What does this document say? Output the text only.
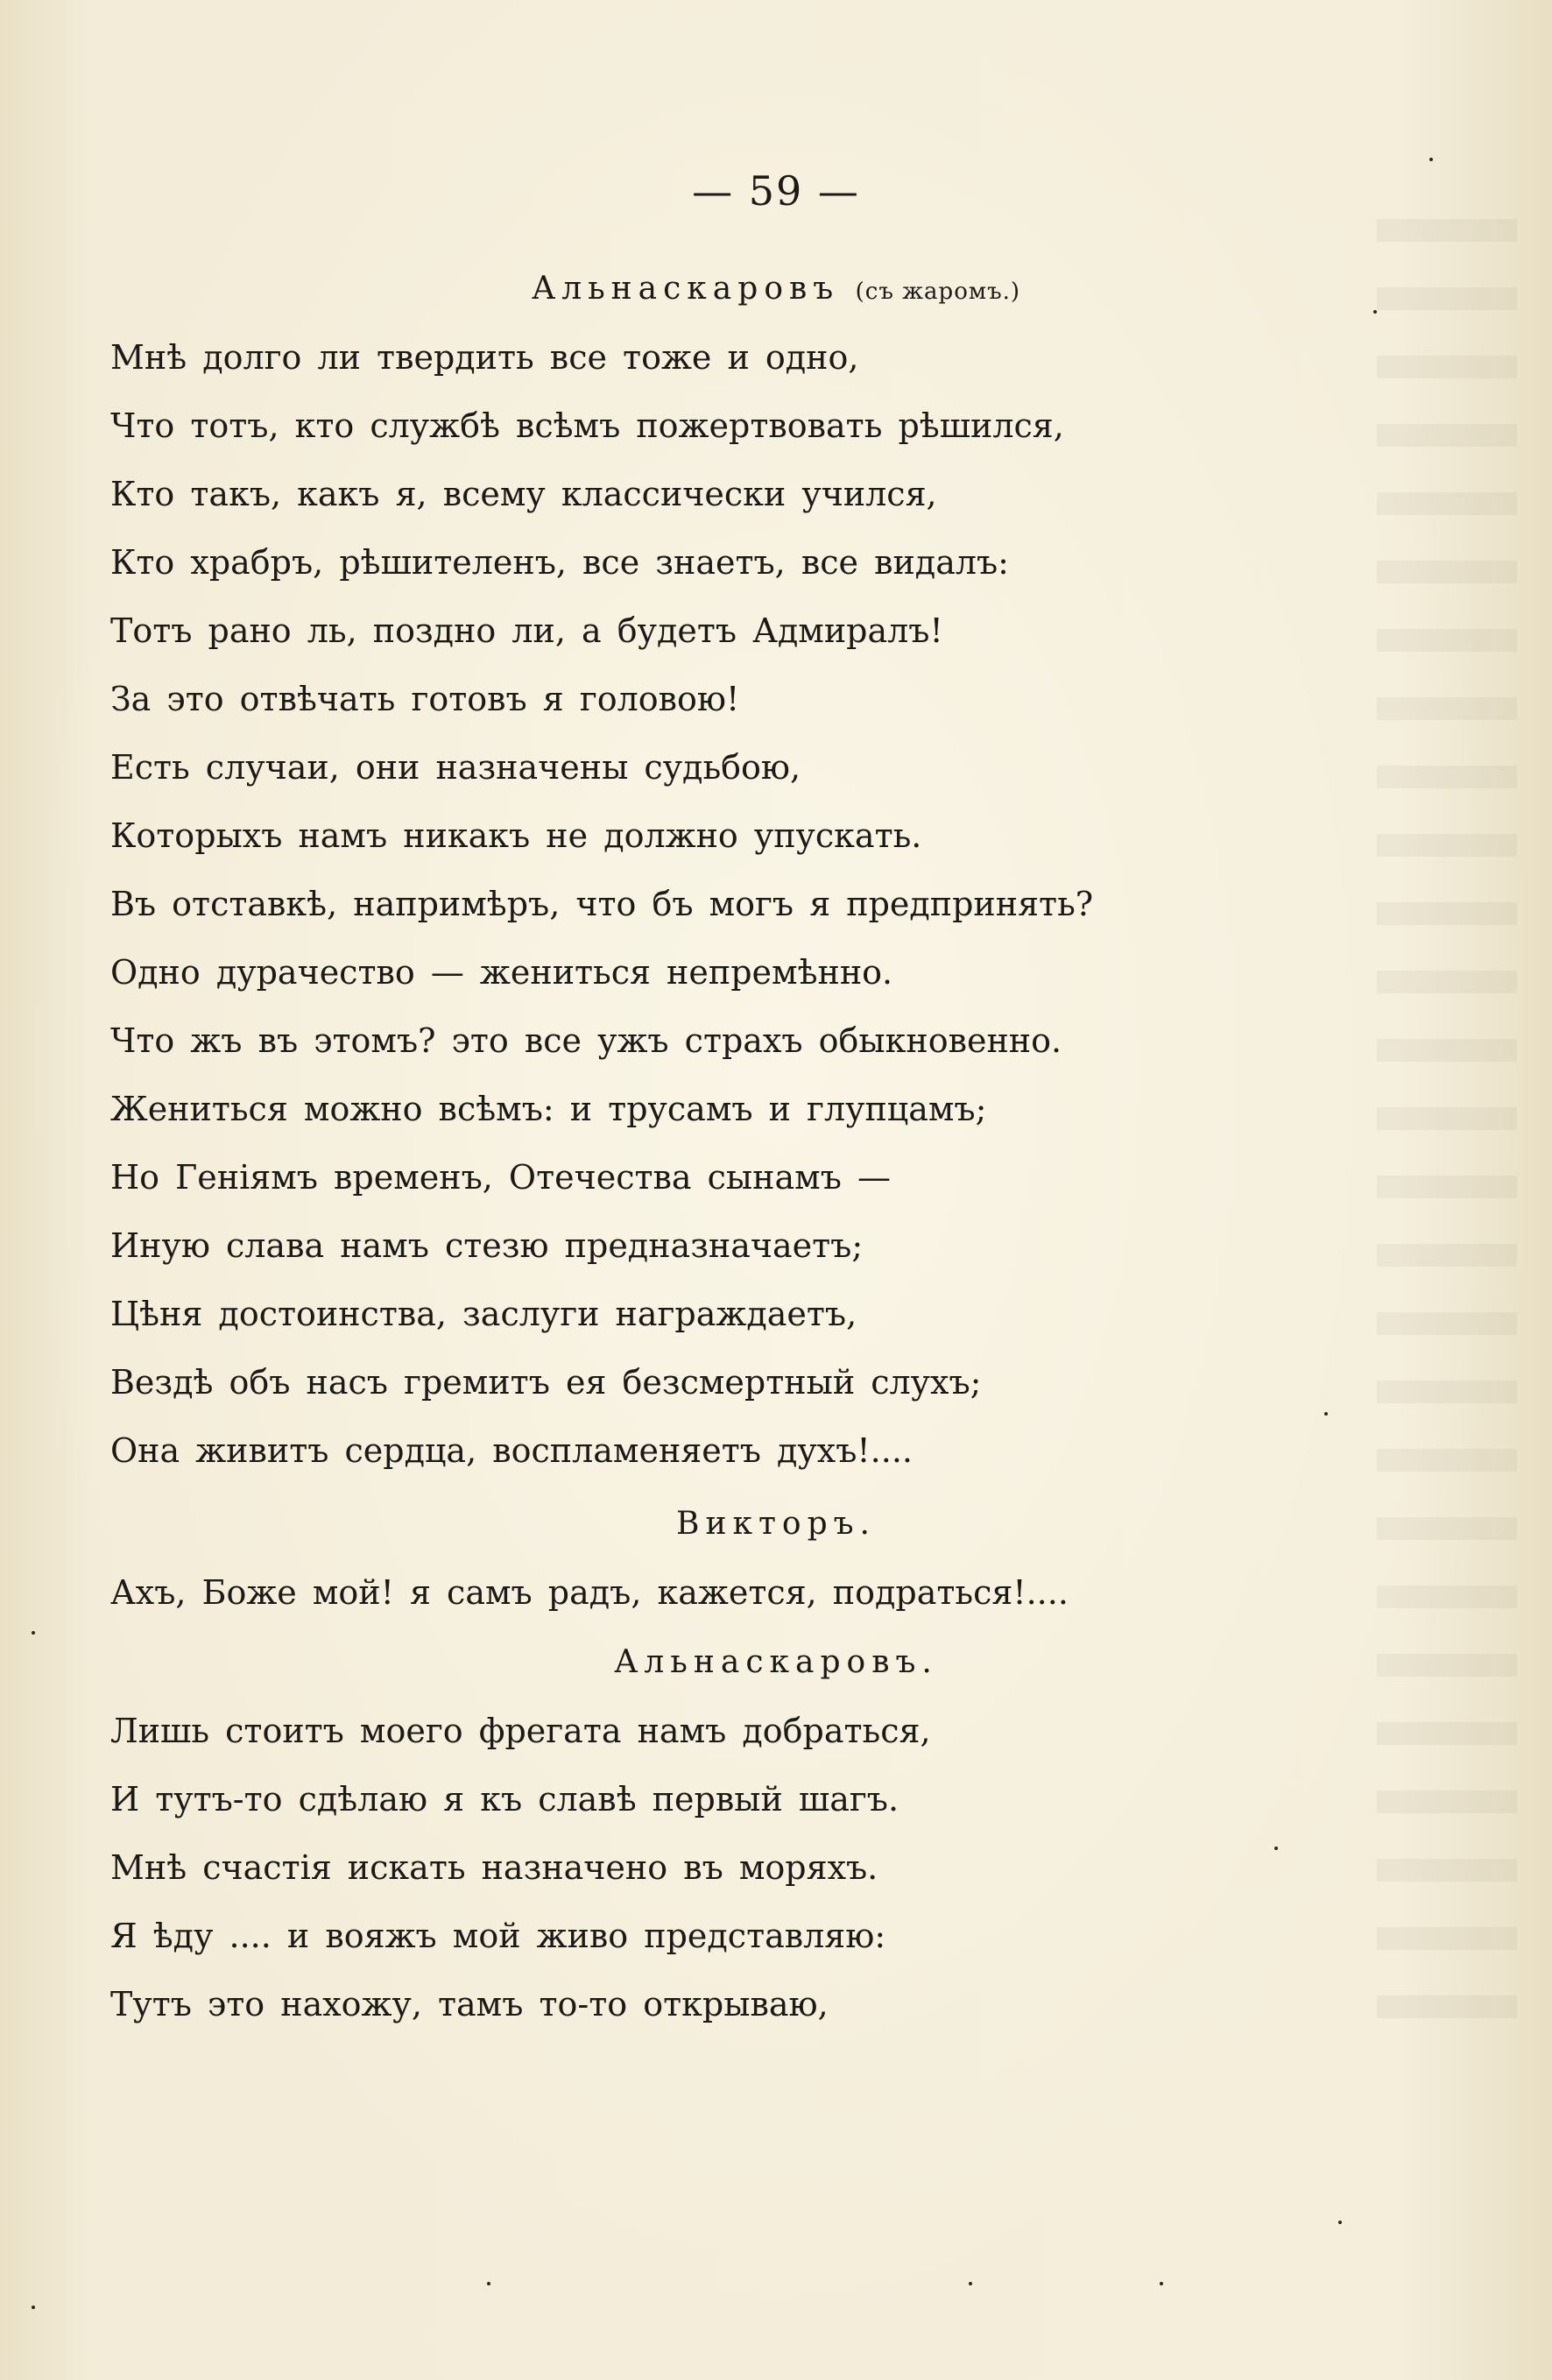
— 59 —
Альнаскаровъ (съ жаромъ.)
Мнѣ долго ли твердить все тоже и одно,
Что тотъ, кто службѣ всѣмъ пожертвовать рѣшился,
Кто такъ, какъ я, всему классически учился,
Кто храбръ, рѣшителенъ, все знаетъ, все видалъ:
Тотъ рано ль, поздно ли, а будетъ Адмиралъ!
За это отвѣчать готовъ я головою!
Есть случаи, они назначены судьбою,
Которыхъ намъ никакъ не должно упускать.
Въ отставкѣ, напримѣръ, что бъ могъ я предпринять?
Одно дурачество — жениться непремѣнно.
Что жъ въ этомъ? это все ужъ страхъ обыкновенно.
Жениться можно всѣмъ: и трусамъ и глупцамъ;
Но Геніямъ временъ, Отечества сынамъ —
Иную слава намъ стезю предназначаетъ;
Цѣня достоинства, заслуги награждаетъ,
Вездѣ объ насъ гремитъ ея безсмертный слухъ;
Она живитъ сердца, воспламеняетъ духъ!....
Викторъ.
Ахъ, Боже мой! я самъ радъ, кажется, подраться!....
Альнаскаровъ.
Лишь стоитъ моего фрегата намъ добраться,
И тутъ-то сдѣлаю я къ славѣ первый шагъ.
Мнѣ счастія искать назначено въ моряхъ.
Я ѣду .... и вояжъ мой живо представляю:
Тутъ это нахожу, тамъ то-то открываю,
